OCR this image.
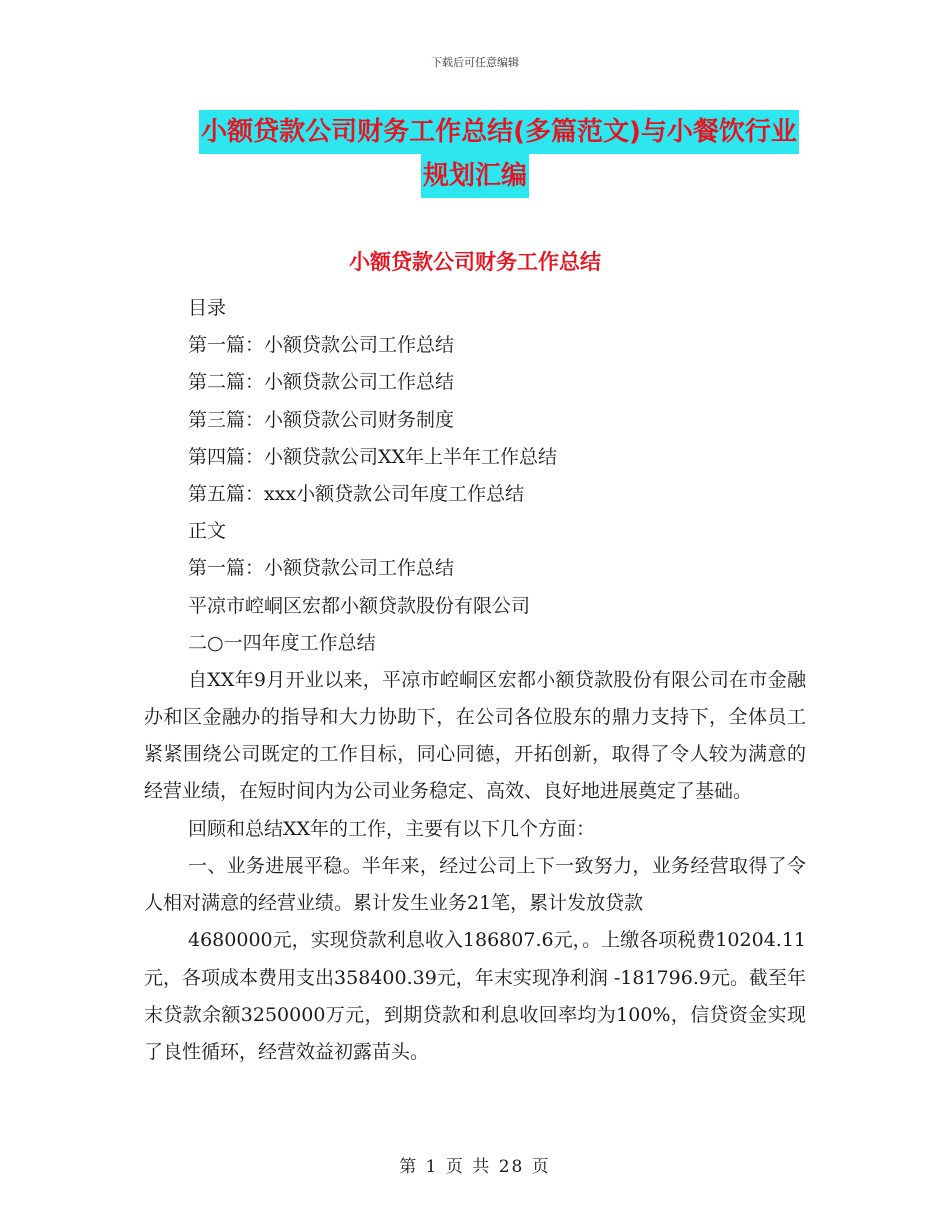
下载后可任意编辑
小额贷款公司财务工作总结(多篇范文)与小餐饮行业
规划汇编
小额贷款公司财务工作总结
目录
第一篇：小额贷款公司工作总结
第二篇：小额贷款公司工作总结
第三篇：小额贷款公司财务制度
第四篇：小额贷款公司XX年上半年工作总结
第五篇：xxx小额贷款公司年度工作总结
正文
第一篇：小额贷款公司工作总结
平凉市崆峒区宏都小额贷款股份有限公司
二○一四年度工作总结
自XX年9月开业以来，平凉市崆峒区宏都小额贷款股份有限公司在市金融办和区金融办的指导和大力协助下，在公司各位股东的鼎力支持下，全体员工紧紧围绕公司既定的工作目标，同心同德，开拓创新，取得了令人较为满意的经营业绩，在短时间内为公司业务稳定、高效、良好地进展奠定了基础。
回顾和总结XX年的工作，主要有以下几个方面：
一、业务进展平稳。半年来，经过公司上下一致努力，业务经营取得了令人相对满意的经营业绩。累计发生业务21笔，累计发放贷款
4680000元，实现贷款利息收入186807.6元，。上缴各项税费10204.11元，各项成本费用支出358400.39元，年末实现净利润 -181796.9元。截至年末贷款余额3250000万元，到期贷款和利息收回率均为100%，信贷资金实现了良性循环，经营效益初露苗头。
第 1 页 共 28 页
